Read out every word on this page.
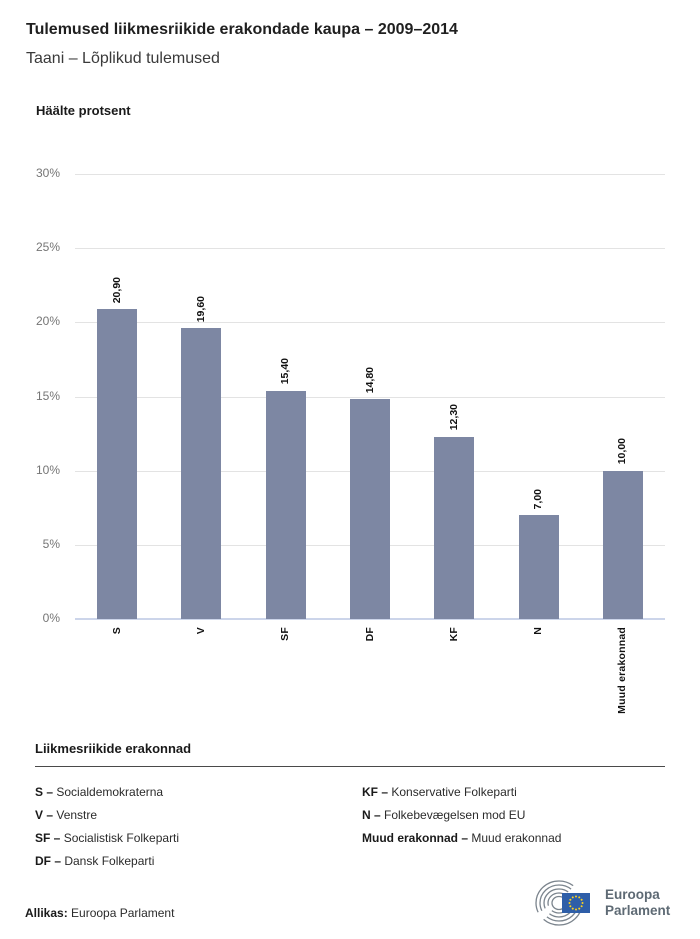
Tulemused liikmesriikide erakondade kaupa – 2009–2014
Taani – Lõplikud tulemused
Häälte protsent
0%
5%
10%
15%
20%
25%
30%
20,90
S
19,60
V
15,40
SF
14,80
DF
12,30
KF
7,00
N
10,00
Muud erakonnad

Liikmesriikide erakonnad

S – Socialdemokraterna
V – Venstre
SF – Socialistisk Folkeparti
DF – Dansk Folkeparti
KF – Konservative Folkeparti
N – Folkebevægelsen mod EU
Muud erakonnad – Muud erakonnad
Allikas: Euroopa Parlament
Euroopa
Parlament
